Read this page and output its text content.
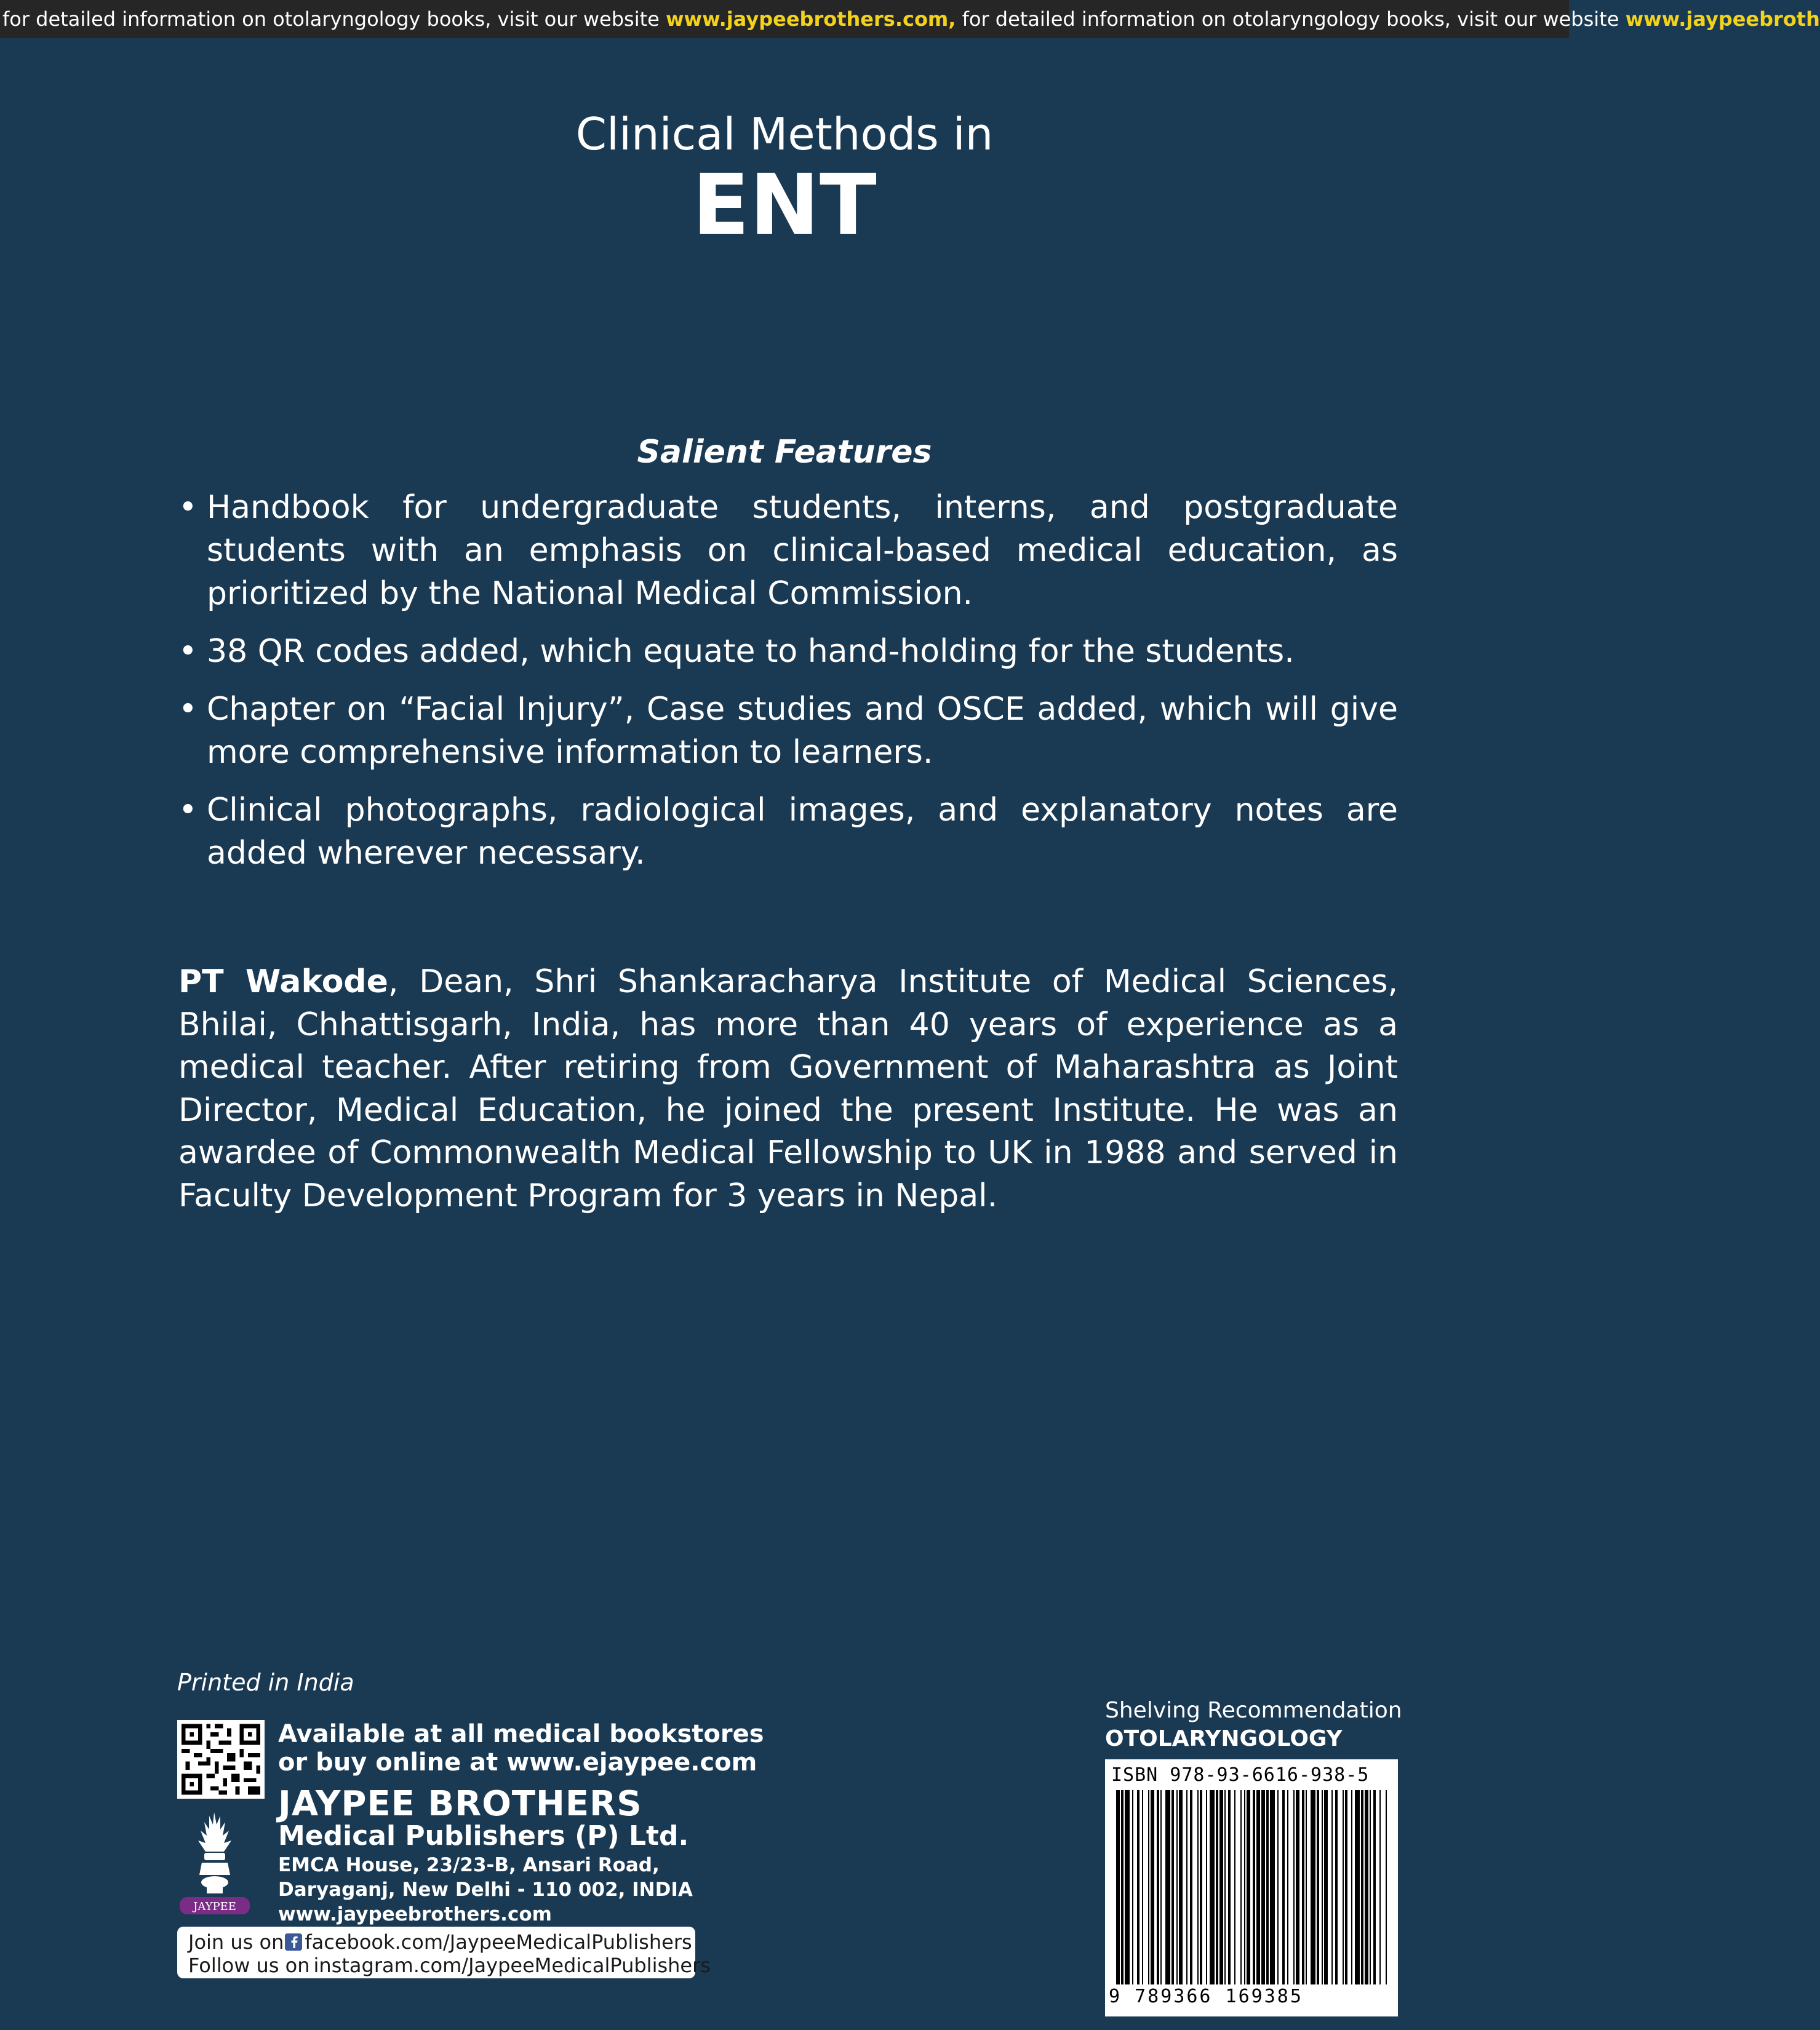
for detailed information on otolaryngology books, visit our website www.jaypeebrothers.com, for detailed information on otolaryngology books, visit our website www.jaypeebroth
Clinical Methods in
ENT
Salient Features
• Handbook for undergraduate students, interns, and postgraduate students with an emphasis on clinical-based medical education, as prioritized by the National Medical Commission.
• 38 QR codes added, which equate to hand-holding for the students.
• Chapter on “Facial Injury”, Case studies and OSCE added, which will give more comprehensive information to learners.
• Clinical photographs, radiological images, and explanatory notes are added wherever necessary.

PT Wakode, Dean, Shri Shankaracharya Institute of Medical Sciences, Bhilai, Chhattisgarh, India, has more than 40 years of experience as a medical teacher. After retiring from Government of Maharashtra as Joint Director, Medical Education, he joined the present Institute. He was an awardee of Commonwealth Medical Fellowship to UK in 1988 and served in Faculty Development Program for 3 years in Nepal.

Printed in India
Available at all medical bookstores
or buy online at www.ejaypee.com
JAYPEE
JAYPEE BROTHERS
Medical Publishers (P) Ltd.
EMCA House, 23/23-B, Ansari Road,
Daryaganj, New Delhi - 110 002, INDIA
www.jaypeebrothers.com
Join us on facebook.com/JaypeeMedicalPublishers
Follow us on instagram.com/JaypeeMedicalPublishers
Shelving Recommendation
OTOLARYNGOLOGY
ISBN 978-93-6616-938-5
9 789366 169385
